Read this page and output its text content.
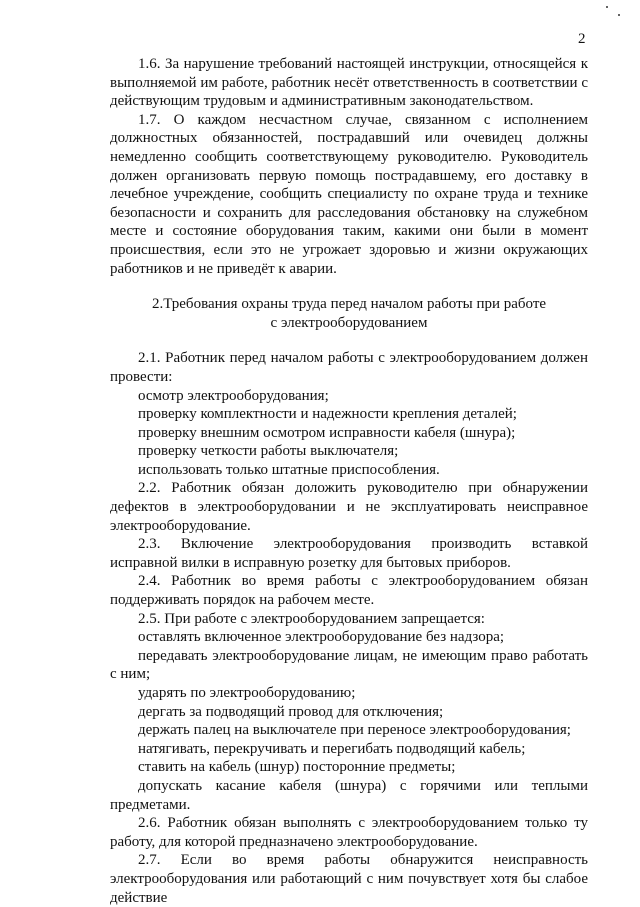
2

1.6. За нарушение требований настоящей инструкции, относящейся к выполняемой им работе, работник несёт ответственность в соответствии с действующим трудовым и административным законодательством.

1.7. О каждом несчастном случае, связанном с исполнением должностных обязанностей, пострадавший или очевидец должны немедленно сообщить соответствующему руководителю. Руководитель должен организовать первую помощь пострадавшему, его доставку в лечебное учреждение, сообщить специалисту по охране труда и технике безопасности и сохранить для расследования обстановку на служебном месте и состояние оборудования таким, какими они были в момент происшествия, если это не угрожает здоровью и жизни окружающих работников и не приведёт к аварии.

2.Требования охраны труда перед началом работы при работе
с электрооборудованием

2.1. Работник перед началом работы с электрооборудованием должен провести:

осмотр электрооборудования;

проверку комплектности и надежности крепления деталей;

проверку внешним осмотром исправности кабеля (шнура);

проверку четкости работы выключателя;

использовать только штатные приспособления.

2.2. Работник обязан доложить руководителю при обнаружении дефектов в электрооборудовании и не эксплуатировать неисправное электрооборудование.

2.3. Включение электрооборудования производить вставкой исправной вилки в исправную розетку для бытовых приборов.

2.4. Работник во время работы с электрооборудованием обязан поддерживать порядок на рабочем месте.

2.5. При работе с электрооборудованием запрещается:

оставлять включенное электрооборудование без надзора;

передавать электрооборудование лицам, не имеющим право работать с ним;

ударять по электрооборудованию;

дергать за подводящий провод для отключения;

держать палец на выключателе при переносе электрооборудования;

натягивать, перекручивать и перегибать подводящий кабель;

ставить на кабель (шнур) посторонние предметы;

допускать касание кабеля (шнура) с горячими или теплыми предметами.

2.6. Работник обязан выполнять с электрооборудованием только ту работу, для которой предназначено электрооборудование.

2.7. Если во время работы обнаружится неисправность электрооборудования или работающий с ним почувствует хотя бы слабое действие
